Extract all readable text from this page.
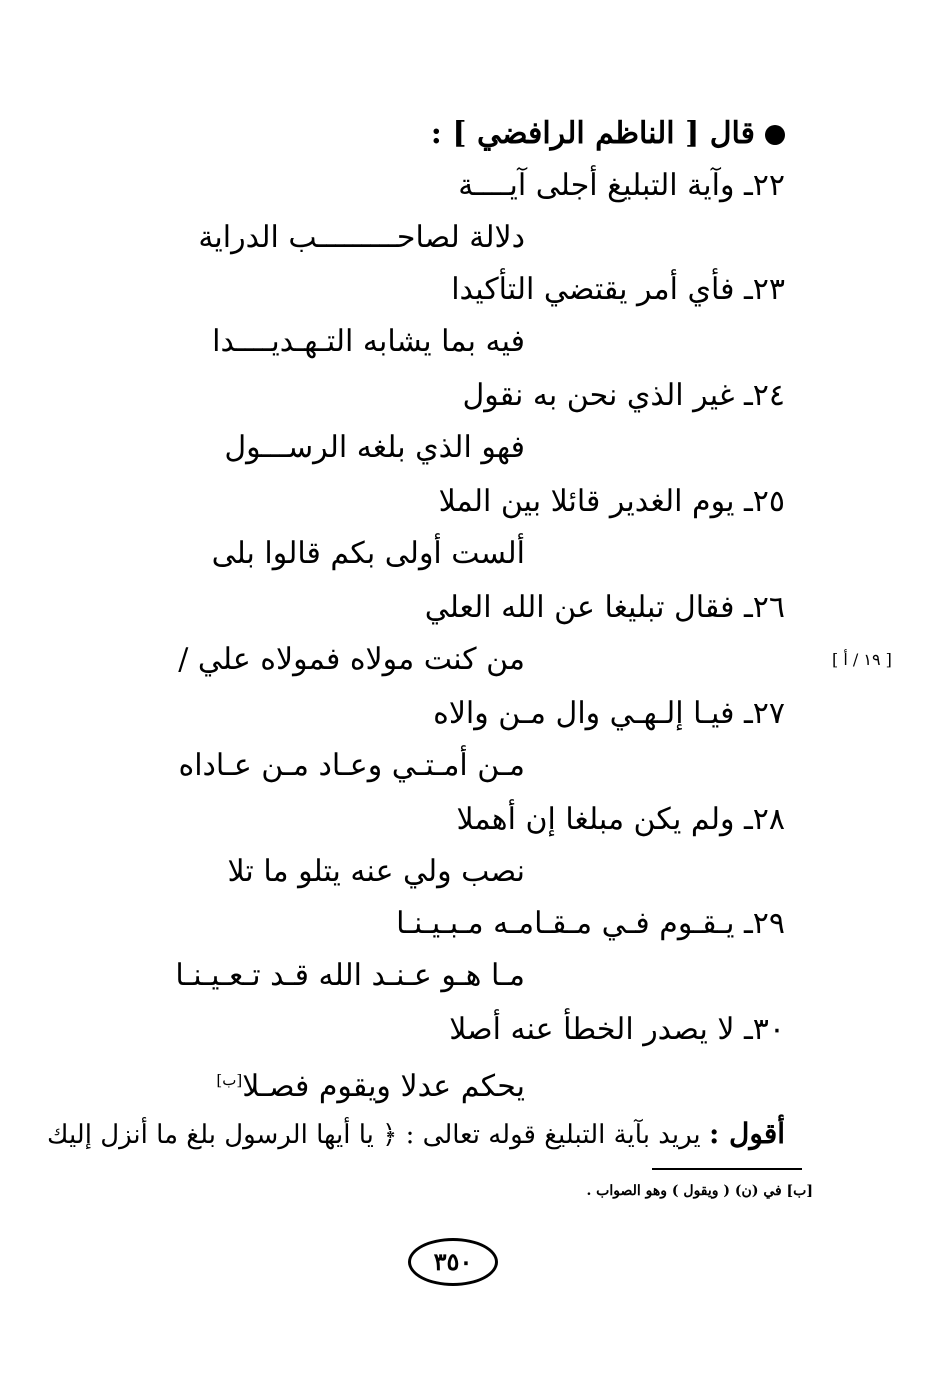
قال [ الناظم الرافضي ] :
٢٢ـ وآية التبليغ أجلى آيــــة
دلالة لصاحـــــــــب الدراية
٢٣ـ فأي أمر يقتضي التأكيدا
فيه بما يشابه التـهـديــــدا
٢٤ـ غير الذي نحن به نقول
فهو الذي بلغه الرســـول
٢٥ـ يوم الغدير قائلا بين الملا
ألست أولى بكم قالوا بلى
٢٦ـ فقال تبليغا عن الله العلي
من كنت مولاه فمولاه علي /	[ ١٩ / أ ]
٢٧ـ فيـا إلـهـي وال مـن والاه
مـن أمـتـي وعـاد مـن عـاداه
٢٨ـ ولم يكن مبلغا إن أهملا
نصب ولي عنه يتلو ما تلا
٢٩ـ يـقـوم فـي مـقـامـه مـبـيـنـا
مـا هـو عـنـد الله قـد تـعـيـنـا
٣٠ـ لا يصدر الخطأ عنه أصلا
يحكم عدلا ويقوم فصـلا[ب]
أقول : يريد بآية التبليغ قوله تعالى : ﴿ يا أيها الرسول بلغ ما أنزل إليك
[ب] في (ن) ( ويقول ) وهو الصواب .
٣٥٠
